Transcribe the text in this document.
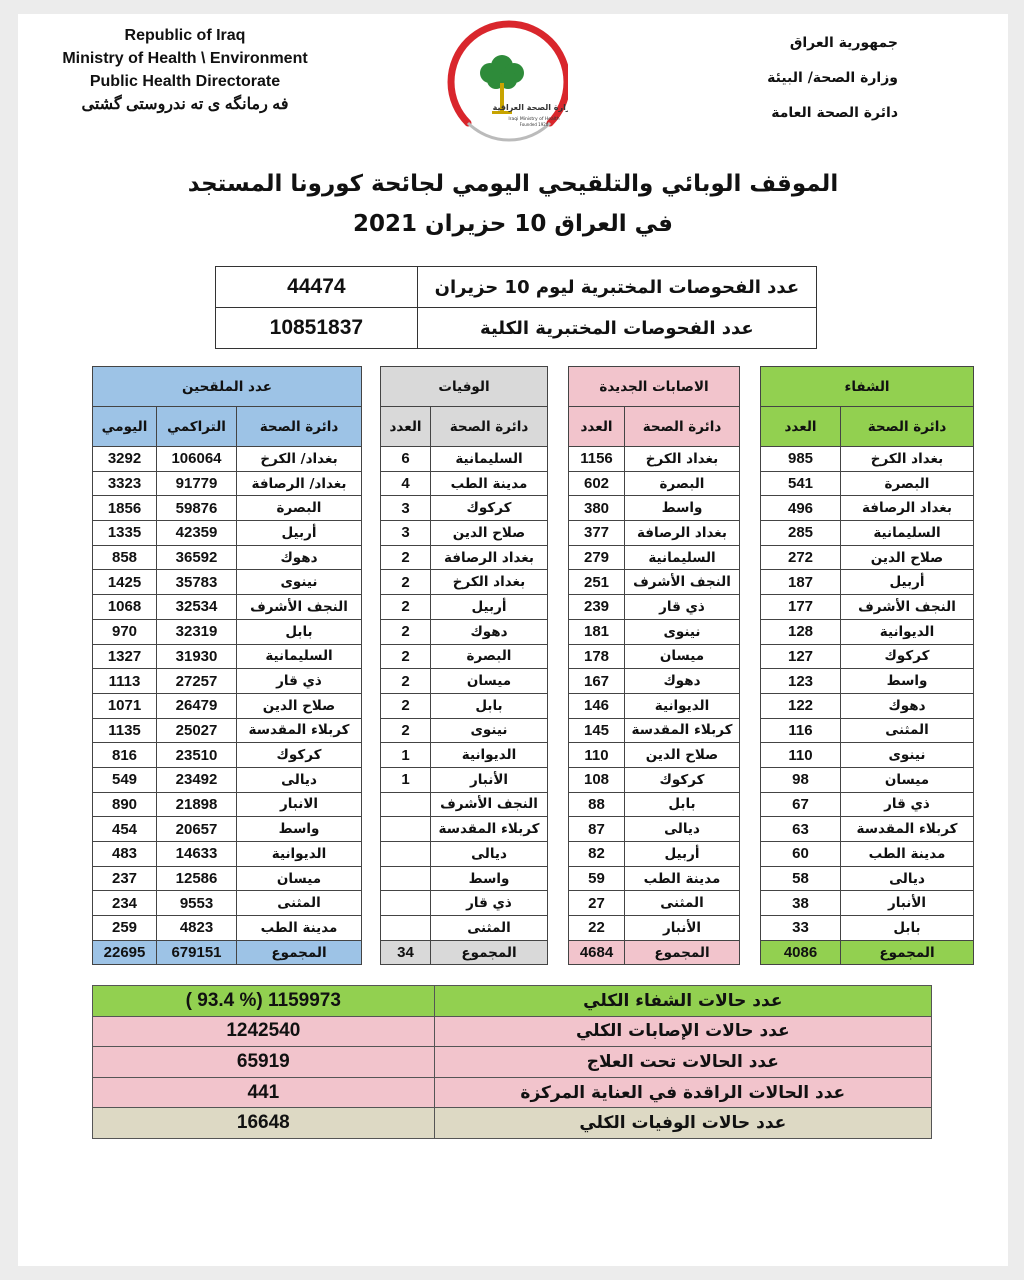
Republic of Iraq
Ministry of Health \ Environment
Public Health Directorate
فه رمانگه ى ته ندروستى گشتى	وزارة الصحة العراقية
Iraqi Ministry of Health
Founded 1920
جمهورية العراق
وزارة الصحة/ البيئة
دائرة الصحة العامة
الموقف الوبائي والتلقيحي اليومي لجائحة كورونا المستجد
في العراق 10 حزيران 2021
44474	عدد الفحوصات المختبرية ليوم 10 حزيران
10851837	عدد الفحوصات المختبرية الكلية
الشفاء	
العدد	دائرة الصحة
985	بغداد الكرخ
541	البصرة
496	بغداد الرصافة
285	السليمانية
272	صلاح الدين
187	أربيل
177	النجف الأشرف
128	الديوانية
127	كركوك
123	واسط
122	دهوك
116	المثنى
110	نينوى
98	ميسان
67	ذي قار
63	كربلاء المقدسة
60	مدينة الطب
58	ديالى
38	الأنبار
33	بابل
4086	المجموع
الاصابات الجديدة	
العدد	دائرة الصحة
1156	بغداد الكرخ
602	البصرة
380	واسط
377	بغداد الرصافة
279	السليمانية
251	النجف الأشرف
239	ذي قار
181	نينوى
178	ميسان
167	دهوك
146	الديوانية
145	كربلاء المقدسة
110	صلاح الدين
108	كركوك
88	بابل
87	ديالى
82	أربيل
59	مدينة الطب
27	المثنى
22	الأنبار
4684	المجموع
الوفيات	
العدد	دائرة الصحة
6	السليمانية
4	مدينة الطب
3	كركوك
3	صلاح الدين
2	بغداد الرصافة
2	بغداد الكرخ
2	أربيل
2	دهوك
2	البصرة
2	ميسان
2	بابل
2	نينوى
1	الديوانية
1	الأنبار
	النجف الأشرف
	كربلاء المقدسة
	ديالى
	واسط
	ذي قار
	المثنى
34	المجموع
عدد الملقحين		
اليومي	التراكمي	دائرة الصحة
3292	106064	بغداد/ الكرخ
3323	91779	بغداد/ الرصافة
1856	59876	البصرة
1335	42359	أربيل
858	36592	دهوك
1425	35783	نينوى
1068	32534	النجف الأشرف
970	32319	بابل
1327	31930	السليمانية
1113	27257	ذي قار
1071	26479	صلاح الدين
1135	25027	كربلاء المقدسة
816	23510	كركوك
549	23492	ديالى
890	21898	الانبار
454	20657	واسط
483	14633	الديوانية
237	12586	ميسان
234	9553	المثنى
259	4823	مدينة الطب
22695	679151	المجموع
( 93.4 %) 1159973	عدد حالات الشفاء الكلي
1242540	عدد حالات الإصابات الكلي
65919	عدد الحالات تحت العلاج
441	عدد الحالات الراقدة في العناية المركزة
16648	عدد حالات الوفيات الكلي
